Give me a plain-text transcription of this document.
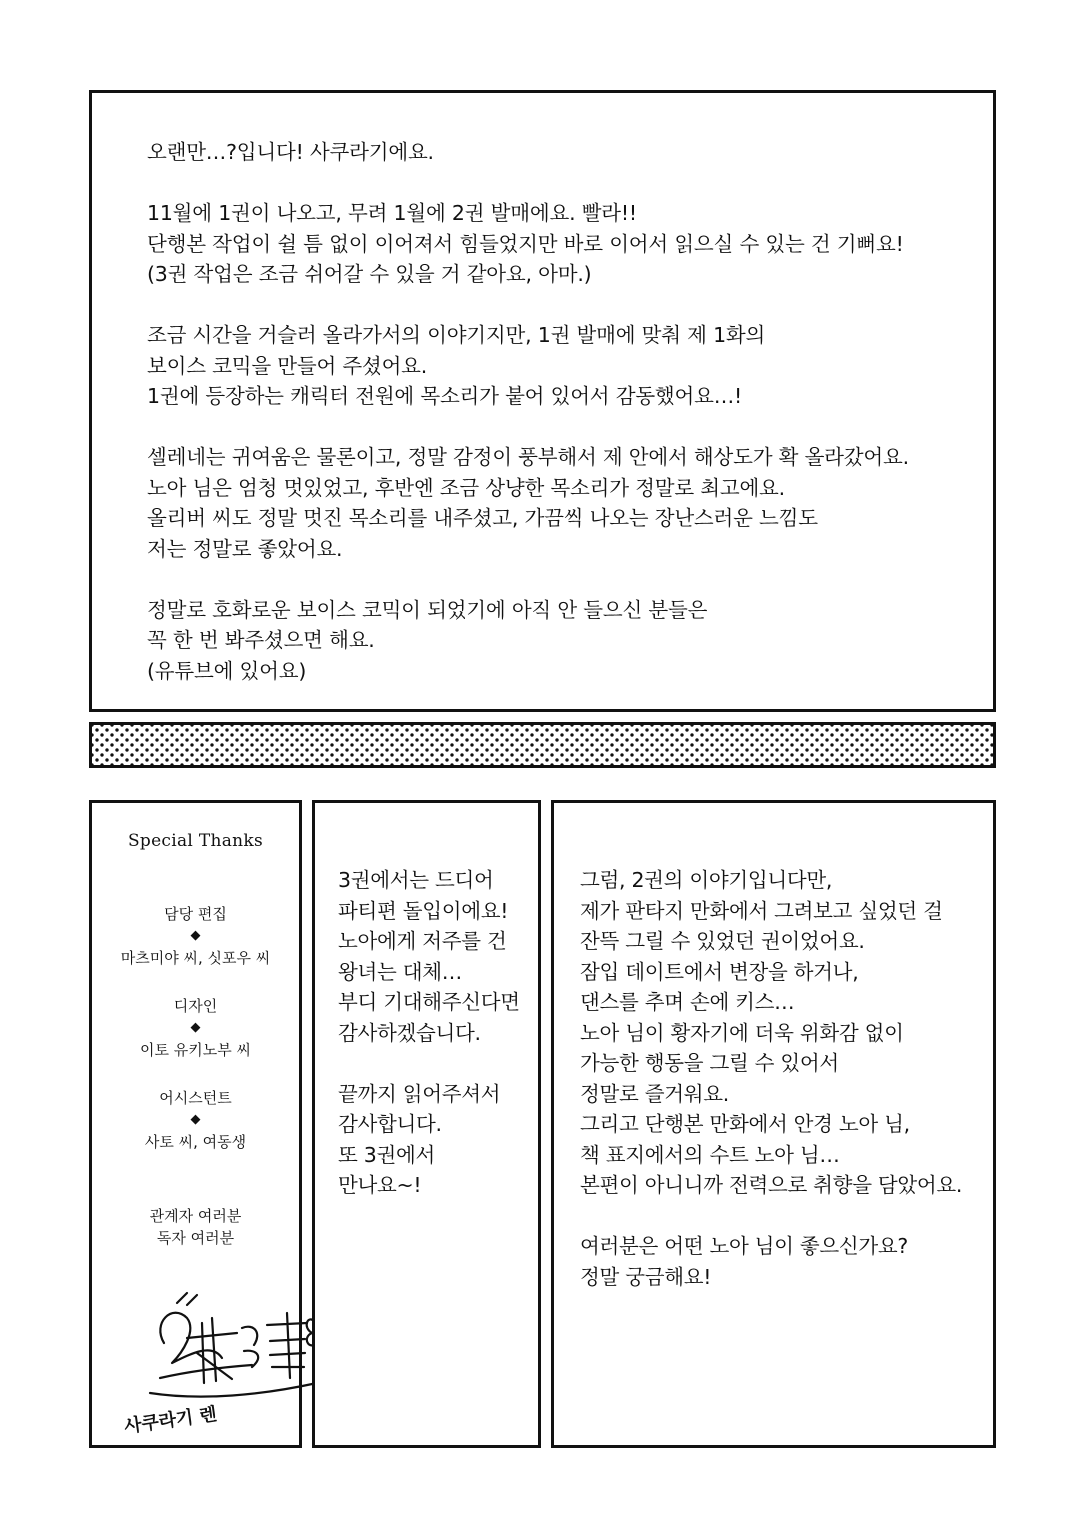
오랜만…?입니다! 사쿠라기에요.

11월에 1권이 나오고, 무려 1월에 2권 발매에요. 빨라!!
단행본 작업이 쉴 틈 없이 이어져서 힘들었지만 바로 이어서 읽으실 수 있는 건 기뻐요!
(3권 작업은 조금 쉬어갈 수 있을 거 같아요, 아마.)

조금 시간을 거슬러 올라가서의 이야기지만, 1권 발매에 맞춰 제 1화의
보이스 코믹을 만들어 주셨어요.
1권에 등장하는 캐릭터 전원에 목소리가 붙어 있어서 감동했어요…!

셀레네는 귀여움은 물론이고, 정말 감정이 풍부해서 제 안에서 해상도가 확 올라갔어요.
노아 님은 엄청 멋있었고, 후반엔 조금 상냥한 목소리가 정말로 최고에요.
올리버 씨도 정말 멋진 목소리를 내주셨고, 가끔씩 나오는 장난스러운 느낌도
저는 정말로 좋았어요.

정말로 호화로운 보이스 코믹이 되었기에 아직 안 들으신 분들은
꼭 한 번 봐주셨으면 해요.
(유튜브에 있어요)

Special Thanks
담당 편집
◆
마츠미야 씨, 싯포우 씨
디자인
◆
이토 유키노부 씨
어시스턴트
◆
사토 씨, 여동생
관계자 여러분
독자 여러분
사쿠라기 렌

3권에서는 드디어
파티편 돌입이에요!
노아에게 저주를 건
왕녀는 대체…
부디 기대해주신다면
감사하겠습니다.

끝까지 읽어주셔서
감사합니다.
또 3권에서
만나요~!

그럼, 2권의 이야기입니다만,
제가 판타지 만화에서 그려보고 싶었던 걸
잔뜩 그릴 수 있었던 권이었어요.
잠입 데이트에서 변장을 하거나,
댄스를 추며 손에 키스…
노아 님이 황자기에 더욱 위화감 없이
가능한 행동을 그릴 수 있어서
정말로 즐거워요.
그리고 단행본 만화에서 안경 노아 님,
책 표지에서의 수트 노아 님…
본편이 아니니까 전력으로 취향을 담았어요.

여러분은 어떤 노아 님이 좋으신가요?
정말 궁금해요!
